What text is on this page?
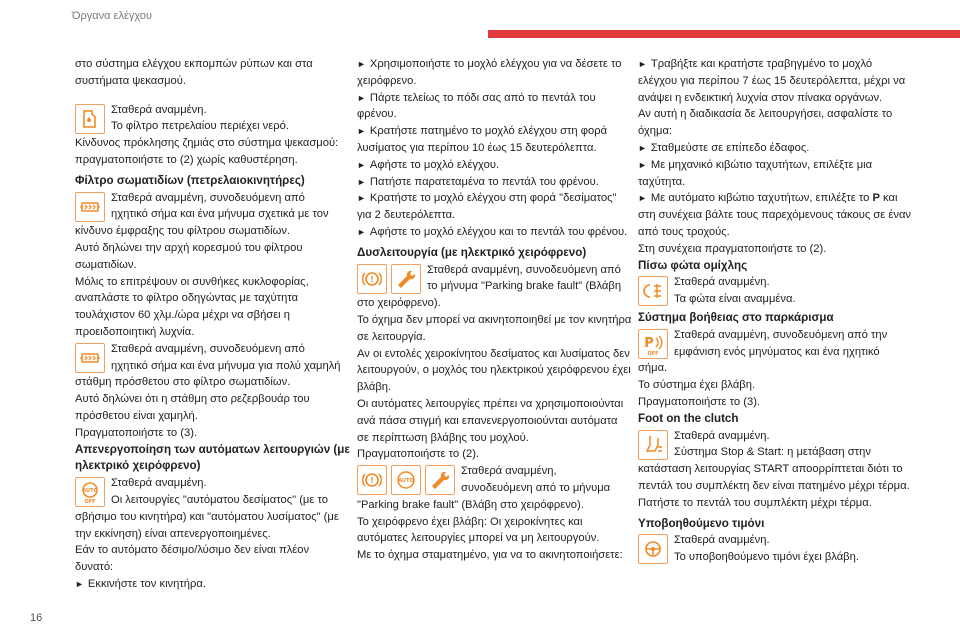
Όργανα ελέγχου
16

στο σύστημα ελέγχου εκπομπών ρύπων και στα συστήματα ψεκασμού.

Σταθερά αναμμένη.

Το φίλτρο πετρελαίου περιέχει νερό.

Κίνδυνος πρόκλησης ζημιάς στο σύστημα ψεκασμού: πραγματοποιήστε το (2) χωρίς καθυστέρηση.

Φίλτρο σωματιδίων (πετρελαιοκινητήρες)

Σταθερά αναμμένη, συνοδευόμενη από

ηχητικό σήμα και ένα μήνυμα σχετικά με τον κίνδυνο έμφραξης του φίλτρου σωματιδίων.

Αυτό δηλώνει την αρχή κορεσμού του φίλτρου σωματιδίων.

Μόλις το επιτρέψουν οι συνθήκες κυκλοφορίας, αναπλάστε το φίλτρο οδηγώντας με ταχύτητα τουλάχιστον 60 χλμ./ώρα μέχρι να σβήσει η προειδοποιητική λυχνία.

Σταθερά αναμμένη, συνοδευόμενη από

ηχητικό σήμα και ένα μήνυμα για πολύ χαμηλή στάθμη πρόσθετου στο φίλτρο σωματιδίων.

Αυτό δηλώνει ότι η στάθμη στο ρεζερβουάρ του πρόσθετου είναι χαμηλή.

Πραγματοποιήστε το (3).

Απενεργοποίηση των αυτόματων λειτουργιών (με ηλεκτρικό χειρόφρενο)

AUTO
OFF

Σταθερά αναμμένη.

Οι λειτουργίες "αυτόματου δεσίματος" (με το

σβήσιμο του κινητήρα) και "αυτόματου λυσίματος" (με την εκκίνηση) είναι απενεργοποιημένες.

Εάν το αυτόματο δέσιμο/λύσιμο δεν είναι πλέον δυνατό:

► Εκκινήστε τον κινητήρα.

► Χρησιμοποιήστε το μοχλό ελέγχου για να δέσετε το χειρόφρενο.

► Πάρτε τελείως το πόδι σας από το πεντάλ του φρένου.

► Κρατήστε πατημένο το μοχλό ελέγχου στη φορά λυσίματος για περίπου 10 έως 15 δευτερόλεπτα.

► Αφήστε το μοχλό ελέγχου.

► Πατήστε παρατεταμένα το πεντάλ του φρένου.

► Κρατήστε το μοχλό ελέγχου στη φορά "δεσίματος" για 2 δευτερόλεπτα.

► Αφήστε το μοχλό ελέγχου και το πεντάλ του φρένου.

Δυσλειτουργία (με ηλεκτρικό χειρόφρενο)

!

Σταθερά αναμμένη, συνοδευόμενη από

το μήνυμα "Parking brake fault" (Βλάβη

στο χειρόφρενο).

Το όχημα δεν μπορεί να ακινητοποιηθεί με τον κινητήρα σε λειτουργία.

Αν οι εντολές χειροκίνητου δεσίματος και λυσίματος δεν λειτουργούν, ο μοχλός του ηλεκτρικού χειρόφρενου έχει βλάβη.

Οι αυτόματες λειτουργίες πρέπει να χρησιμοποιούνται ανά πάσα στιγμή και επανενεργοποιούνται αυτόματα σε περίπτωση βλάβης του μοχλού.

Πραγματοποιήστε το (2).

!	AUTO

Σταθερά αναμμένη,

συνοδευόμενη από το μήνυμα

"Parking brake fault" (Βλάβη στο χειρόφρενο).

Το χειρόφρενο έχει βλάβη: Οι χειροκίνητες και αυτόματες λειτουργίες μπορεί να μη λειτουργούν.

Με το όχημα σταματημένο, για να το ακινητοποιήσετε:

► Τραβήξτε και κρατήστε τραβηγμένο το μοχλό ελέγχου για περίπου 7 έως 15 δευτερόλεπτα, μέχρι να ανάψει η ενδεικτική λυχνία στον πίνακα οργάνων.

Αν αυτή η διαδικασία δε λειτουργήσει, ασφαλίστε το όχημα:

► Σταθμεύστε σε επίπεδο έδαφος.

► Με μηχανικό κιβώτιο ταχυτήτων, επιλέξτε μια ταχύτητα.

► Με αυτόματο κιβώτιο ταχυτήτων, επιλέξτε το P και στη συνέχεια βάλτε τους παρεχόμενους τάκους σε έναν από τους τροχούς.

Στη συνέχεια πραγματοποιήστε το (2).

Πίσω φώτα ομίχλης

Σταθερά αναμμένη.

Τα φώτα είναι αναμμένα.

Σύστημα βοήθειας στο παρκάρισμα

P
OFF

Σταθερά αναμμένη, συνοδευόμενη από την

εμφάνιση ενός μηνύματος και ένα ηχητικό

σήμα.

Το σύστημα έχει βλάβη.

Πραγματοποιήστε το (3).

Foot on the clutch

Σταθερά αναμμένη.

Σύστημα Stop & Start: η μετάβαση στην

κατάσταση λειτουργίας START αποορρίπτεται διότι το πεντάλ του συμπλέκτη δεν είναι πατημένο μέχρι τέρμα.

Πατήστε το πεντάλ του συμπλέκτη μέχρι τέρμα.

Υποβοηθούμενο τιμόνι

Σταθερά αναμμένη.

Το υποβοηθούμενο τιμόνι έχει βλάβη.
